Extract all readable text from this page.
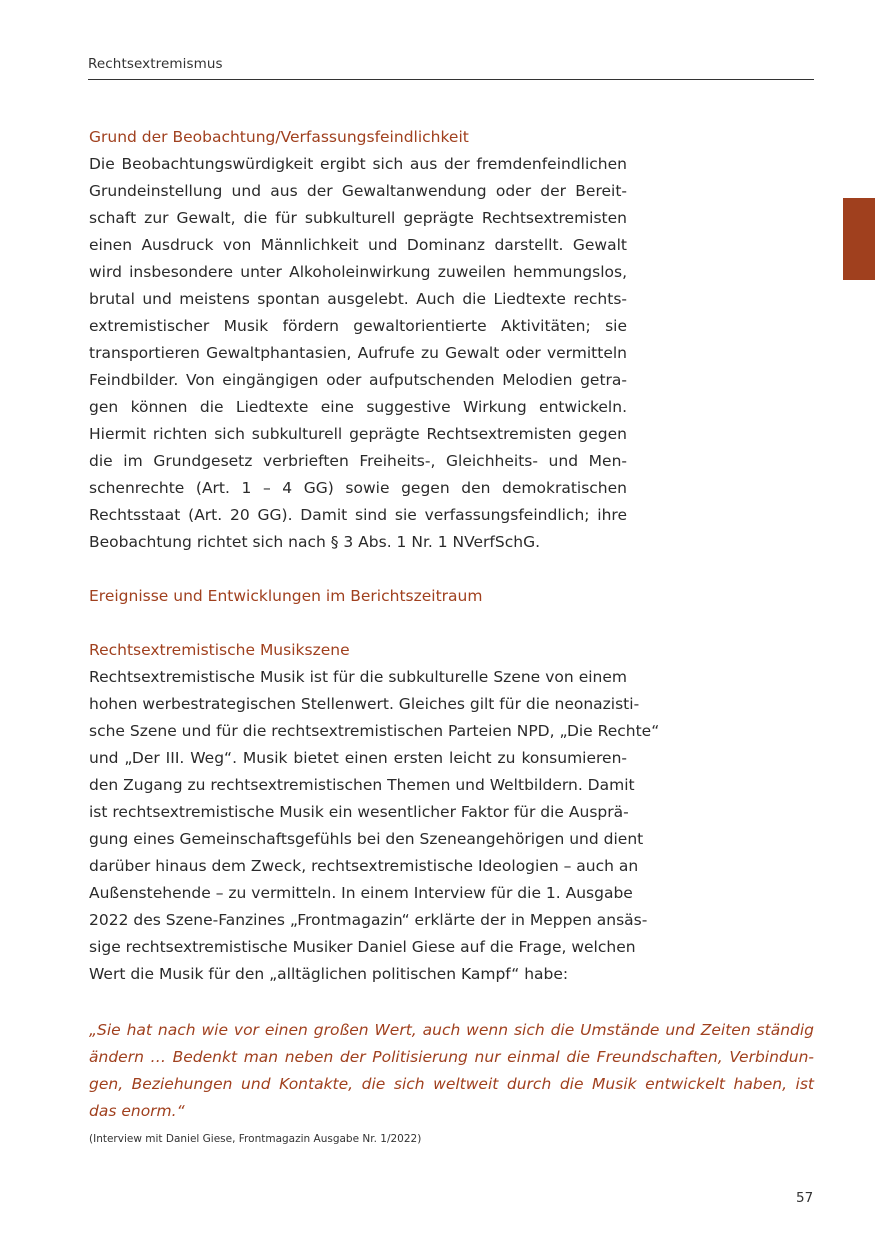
Rechtsextremismus
Grund der Beobachtung/Verfassungsfeindlichkeit
Die Beobachtungswürdigkeit ergibt sich aus der fremdenfeindlichen
Grundeinstellung und aus der Gewaltanwendung oder der Bereit-
schaft zur Gewalt, die für subkulturell geprägte Rechtsextremisten
einen Ausdruck von Männlichkeit und Dominanz darstellt. Gewalt
wird insbesondere unter Alkoholeinwirkung zuweilen hemmungslos,
brutal und meistens spontan ausgelebt. Auch die Liedtexte rechts-
extremistischer Musik fördern gewaltorientierte Aktivitäten; sie
transportieren Gewaltphantasien, Aufrufe zu Gewalt oder vermitteln
Feindbilder. Von eingängigen oder aufputschenden Melodien getra-
gen können die Liedtexte eine suggestive Wirkung entwickeln.
Hiermit richten sich subkulturell geprägte Rechtsextremisten gegen
die im Grundgesetz verbrieften Freiheits-, Gleichheits- und Men-
schenrechte (Art. 1 – 4 GG) sowie gegen den demokratischen
Rechtsstaat (Art. 20 GG). Damit sind sie verfassungsfeindlich; ihre
Beobachtung richtet sich nach § 3 Abs. 1 Nr. 1 NVerfSchG.
Ereignisse und Entwicklungen im Berichtszeitraum
Rechtsextremistische Musikszene
Rechtsextremistische Musik ist für die subkulturelle Szene von einem
hohen werbestrategischen Stellenwert. Gleiches gilt für die neonazisti-
sche Szene und für die rechtsextremistischen Parteien NPD, „Die Rechte“
und „Der III. Weg“. Musik bietet einen ersten leicht zu konsumieren-
den Zugang zu rechtsextremistischen Themen und Weltbildern. Damit
ist rechtsextremistische Musik ein wesentlicher Faktor für die Ausprä-
gung eines Gemeinschaftsgefühls bei den Szeneangehörigen und dient
darüber hinaus dem Zweck, rechtsextremistische Ideologien – auch an
Außenstehende – zu vermitteln. In einem Interview für die 1. Ausgabe
2022 des Szene-Fanzines „Frontmagazin“ erklärte der in Meppen ansäs-
sige rechtsextremistische Musiker Daniel Giese auf die Frage, welchen
Wert die Musik für den „alltäglichen politischen Kampf“ habe:
„Sie hat nach wie vor einen großen Wert, auch wenn sich die Umstände und Zeiten ständig
ändern … Bedenkt man neben der Politisierung nur einmal die Freundschaften, Verbindun-
gen, Beziehungen und Kontakte, die sich weltweit durch die Musik entwickelt haben, ist
das enorm.“
(Interview mit Daniel Giese, Frontmagazin Ausgabe Nr. 1/2022)
57
